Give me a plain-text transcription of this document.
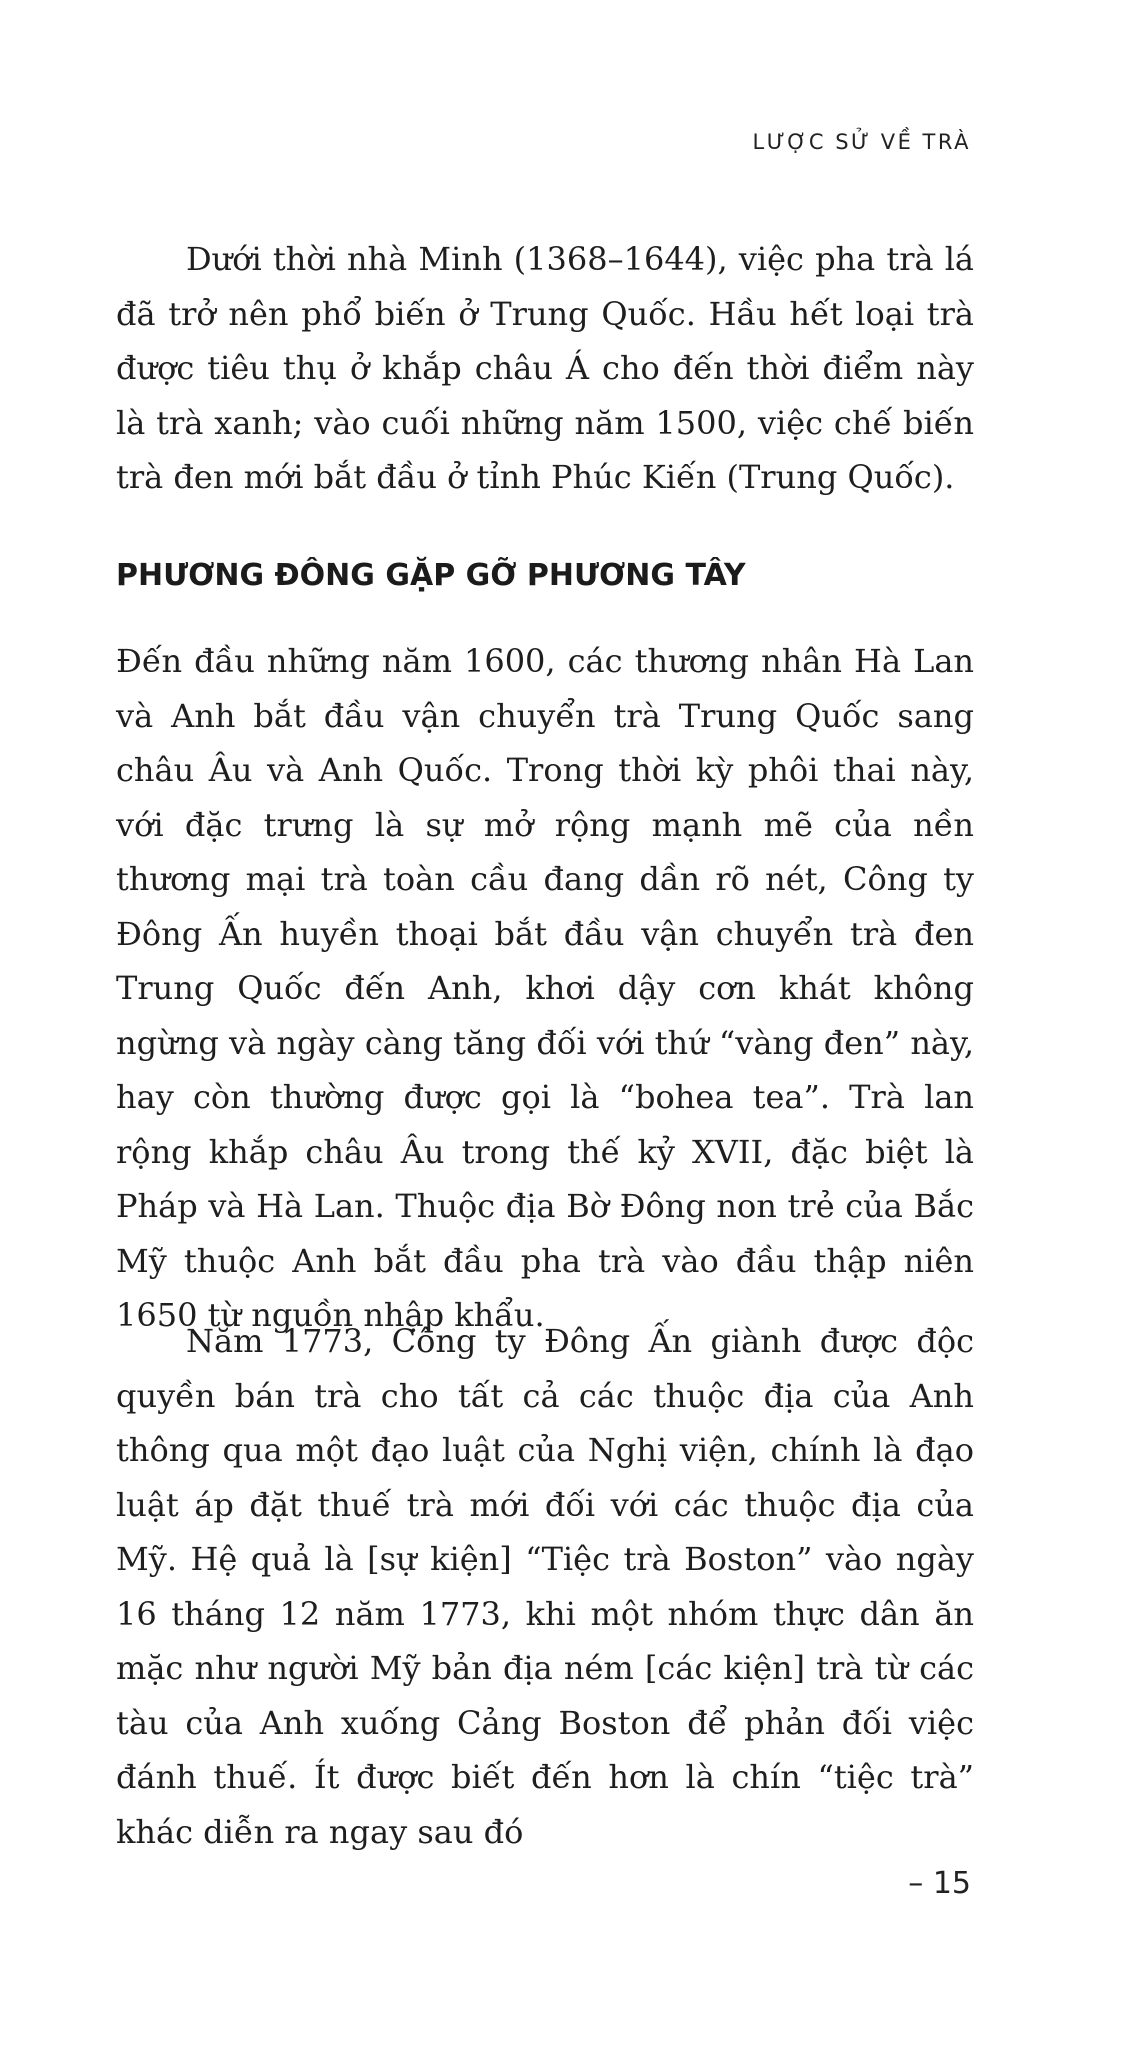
LƯỢC SỬ VỀ TRÀ

Dưới thời nhà Minh (1368–1644), việc pha trà lá đã trở nên phổ biến ở Trung Quốc. Hầu hết loại trà được tiêu thụ ở khắp châu Á cho đến thời điểm này là trà xanh; vào cuối những năm 1500, việc chế biến trà đen mới bắt đầu ở tỉnh Phúc Kiến (Trung Quốc).

PHƯƠNG ĐÔNG GẶP GỠ PHƯƠNG TÂY

Đến đầu những năm 1600, các thương nhân Hà Lan và Anh bắt đầu vận chuyển trà Trung Quốc sang châu Âu và Anh Quốc. Trong thời kỳ phôi thai này, với đặc trưng là sự mở rộng mạnh mẽ của nền thương mại trà toàn cầu đang dần rõ nét, Công ty Đông Ấn huyền thoại bắt đầu vận chuyển trà đen Trung Quốc đến Anh, khơi dậy cơn khát không ngừng và ngày càng tăng đối với thứ “vàng đen” này, hay còn thường được gọi là “bohea tea”. Trà lan rộng khắp châu Âu trong thế kỷ XVII, đặc biệt là Pháp và Hà Lan. Thuộc địa Bờ Đông non trẻ của Bắc Mỹ thuộc Anh bắt đầu pha trà vào đầu thập niên 1650 từ nguồn nhập khẩu.

Năm 1773, Công ty Đông Ấn giành được độc quyền bán trà cho tất cả các thuộc địa của Anh thông qua một đạo luật của Nghị viện, chính là đạo luật áp đặt thuế trà mới đối với các thuộc địa của Mỹ. Hệ quả là [sự kiện] “Tiệc trà Boston” vào ngày 16 tháng 12 năm 1773, khi một nhóm thực dân ăn mặc như người Mỹ bản địa ném [các kiện] trà từ các tàu của Anh xuống Cảng Boston để phản đối việc đánh thuế. Ít được biết đến hơn là chín “tiệc trà” khác diễn ra ngay sau đó

– 15
